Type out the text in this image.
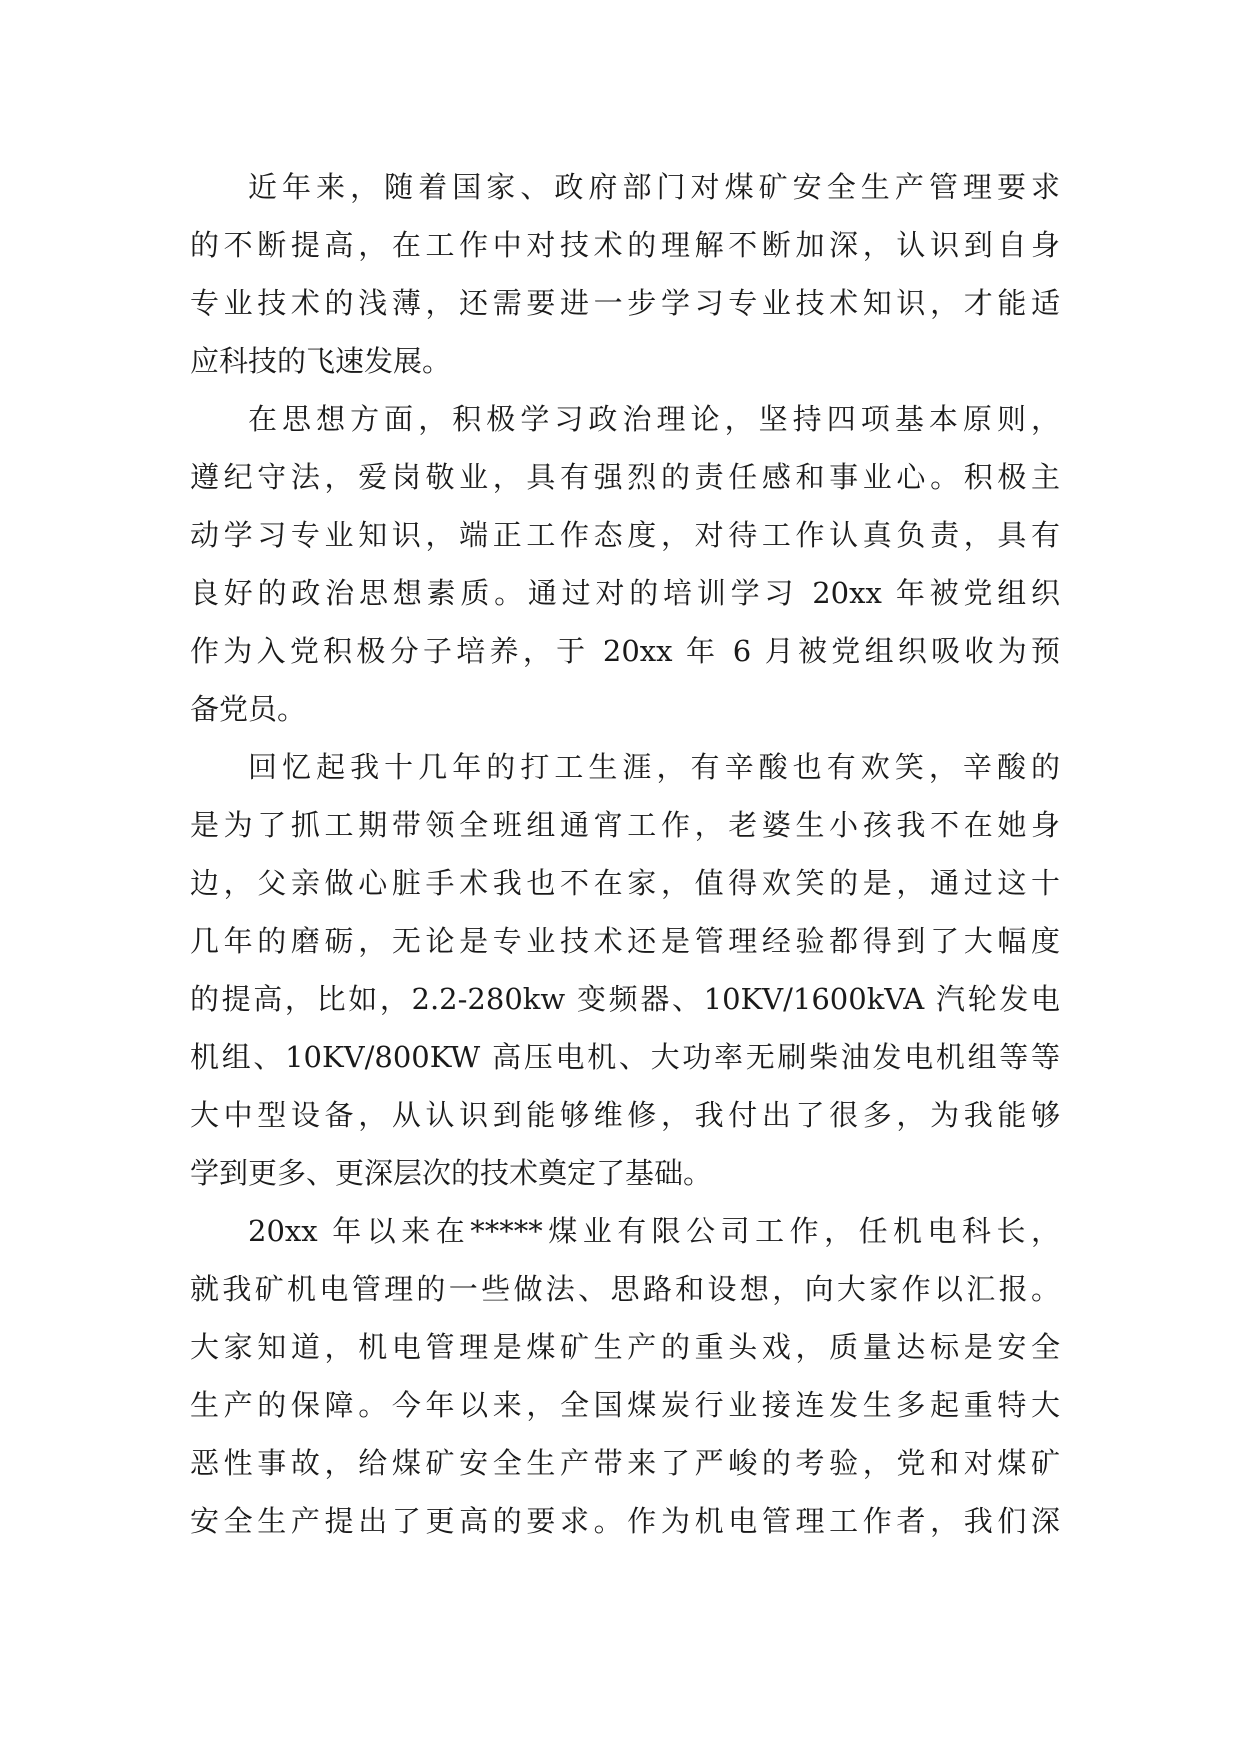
近年来，随着国家、政府部门对煤矿安全生产管理要求
的不断提高，在工作中对技术的理解不断加深，认识到自身
专业技术的浅薄，还需要进一步学习专业技术知识，才能适
应科技的飞速发展。
在思想方面，积极学习政治理论，坚持四项基本原则，
遵纪守法，爱岗敬业，具有强烈的责任感和事业心。积极主
动学习专业知识，端正工作态度，对待工作认真负责，具有
良好的政治思想素质。通过对的培训学习 20xx 年被党组织
作为入党积极分子培养，于 20xx 年 6 月被党组织吸收为预
备党员。
回忆起我十几年的打工生涯，有辛酸也有欢笑，辛酸的
是为了抓工期带领全班组通宵工作，老婆生小孩我不在她身
边，父亲做心脏手术我也不在家，值得欢笑的是，通过这十
几年的磨砺，无论是专业技术还是管理经验都得到了大幅度
的提高，比如，2.2-280kw 变频器、10KV/1600kVA 汽轮发电
机组、10KV/800KW 高压电机、大功率无刷柴油发电机组等等
大中型设备，从认识到能够维修，我付出了很多，为我能够
学到更多、更深层次的技术奠定了基础。
20xx 年以来在*****煤业有限公司工作，任机电科长，
就我矿机电管理的一些做法、思路和设想，向大家作以汇报。
大家知道，机电管理是煤矿生产的重头戏，质量达标是安全
生产的保障。今年以来，全国煤炭行业接连发生多起重特大
恶性事故，给煤矿安全生产带来了严峻的考验，党和对煤矿
安全生产提出了更高的要求。作为机电管理工作者，我们深
